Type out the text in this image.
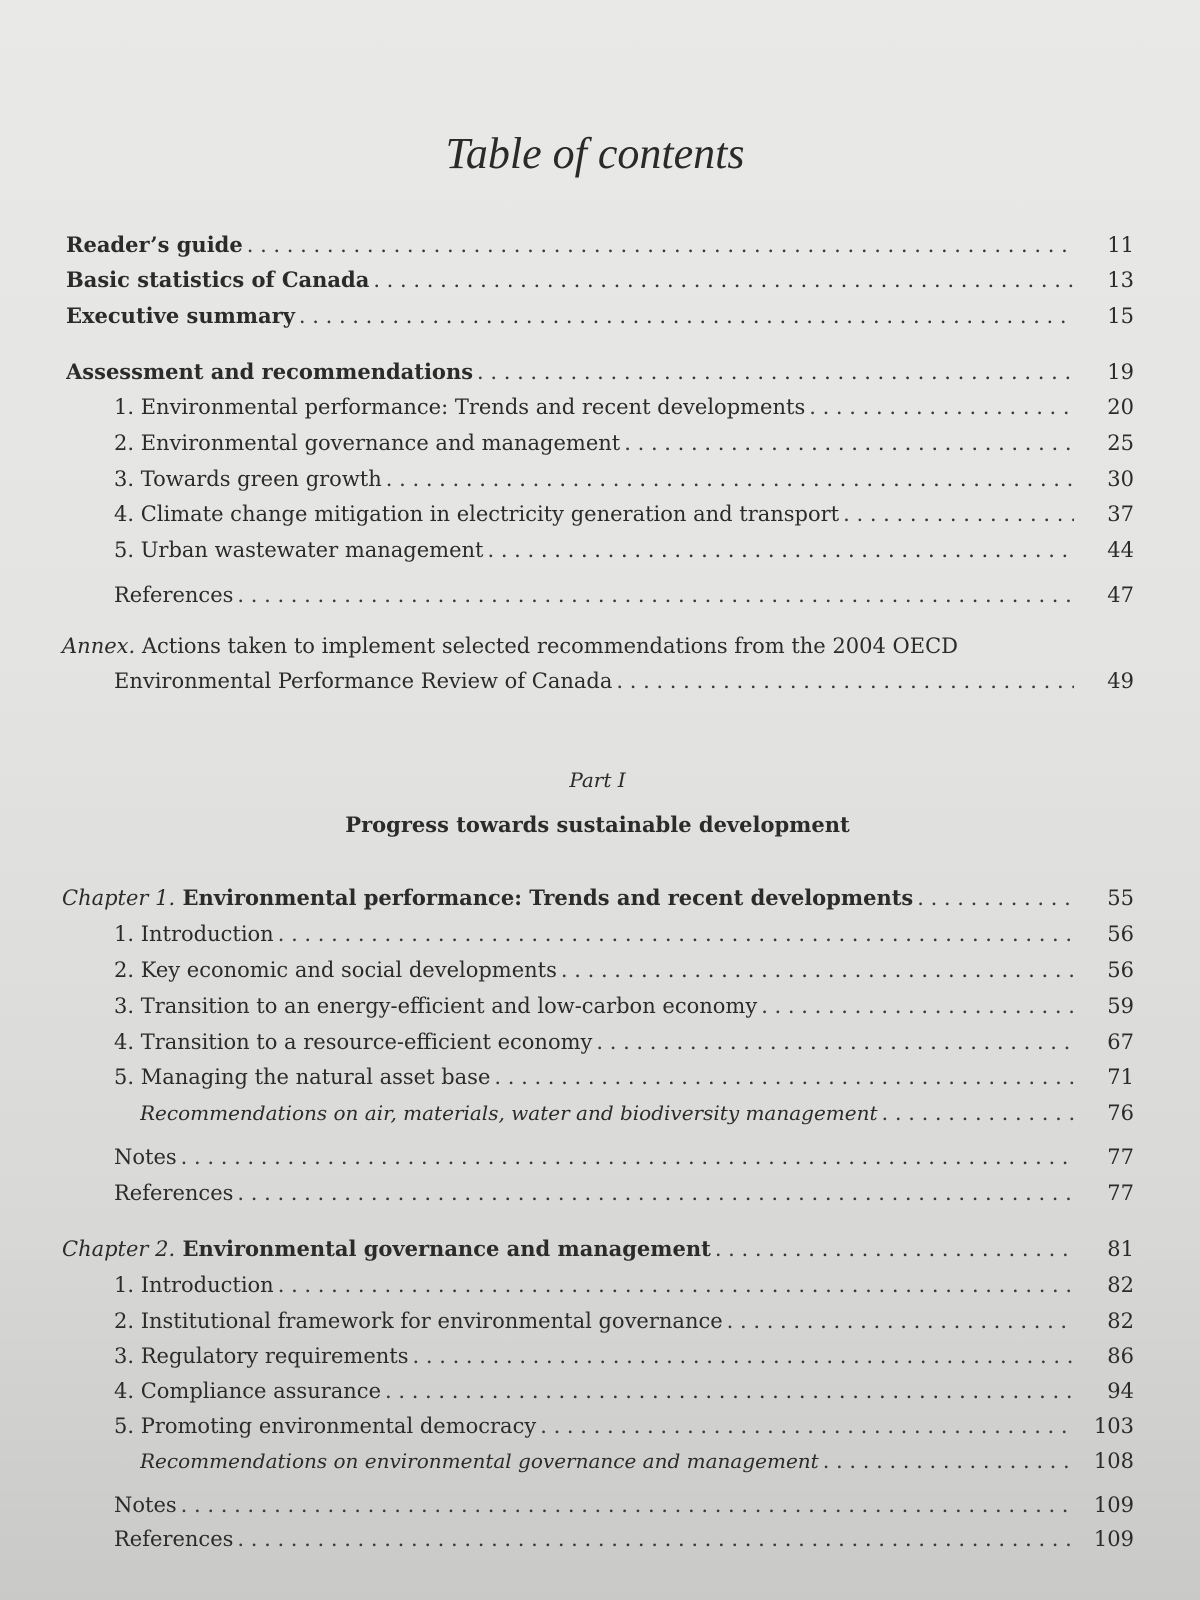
Table of contents
Reader’s guide . . .	11
Basic statistics of Canada . . .	13
Executive summary . . .	15
Assessment and recommendations . . .	19
1. Environmental performance: Trends and recent developments . . .	20
2. Environmental governance and management . . .	25
3. Towards green growth . . .	30
4. Climate change mitigation in electricity generation and transport . . .	37
5. Urban wastewater management . . .	44
References . . .	47
Annex. Actions taken to implement selected recommendations from the 2004 OECD
Environmental Performance Review of Canada . . .	49
Part I
Progress towards sustainable development
Chapter 1. Environmental performance: Trends and recent developments . . .	55
1. Introduction . . .	56
2. Key economic and social developments . . .	56
3. Transition to an energy-efficient and low-carbon economy . . .	59
4. Transition to a resource-efficient economy . . .	67
5. Managing the natural asset base . . .	71
Recommendations on air, materials, water and biodiversity management . . .	76
Notes . . .	77
References . . .	77
Chapter 2. Environmental governance and management . . .	81
1. Introduction . . .	82
2. Institutional framework for environmental governance . . .	82
3. Regulatory requirements . . .	86
4. Compliance assurance . . .	94
5. Promoting environmental democracy . . .	103
Recommendations on environmental governance and management . . .	108
Notes . . .	109
References . . .	109
